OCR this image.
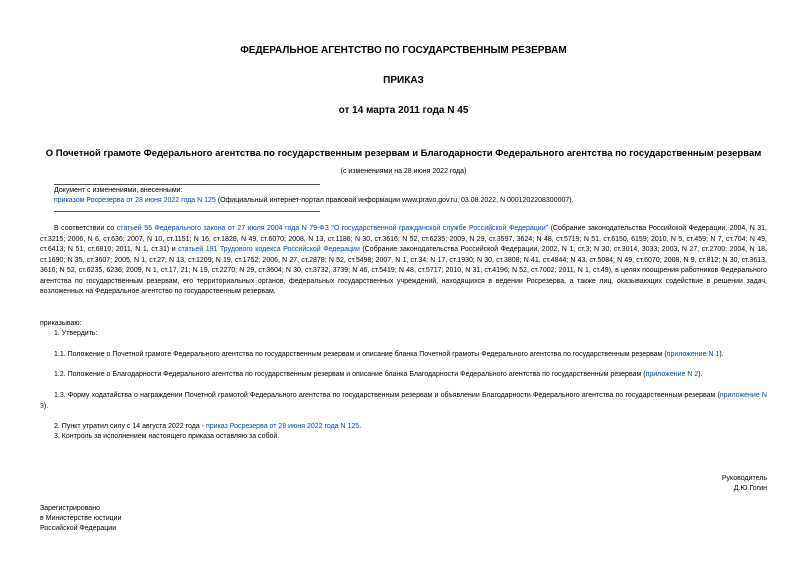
ФЕДЕРАЛЬНОЕ АГЕНТСТВО ПО ГОСУДАРСТВЕННЫМ РЕЗЕРВАМ
ПРИКАЗ
от 14 марта 2011 года N 45
О Почетной грамоте Федерального агентства по государственным резервам и Благодарности Федерального агентства по государственным резервам
(с изменениями на 28 июня 2022 года)
Документ с изменениями, внесенными:
приказом Росрезерва от 28 июня 2022 года N 125 (Официальный интернет-портал правовой информации www.pravo.gov.ru, 03.08.2022, N 0001202208300007).
В соответствии со статьей 55 Федерального закона от 27 июля 2004 года N 79-ФЗ "О государственной гражданской службе Российской Федерации" (Собрание законодательства Российской Федерации, 2004, N 31, ст.3215; 2006, N 6, ст.636; 2007, N 10, ст.1151; N 16, ст.1828, N 49, ст.6070; 2008, N 13, ст.1186; N 30, ст.3616; N 52, ст.6235; 2009, N 29, ст.3597, 3624; N 48, ст.5719; N 51, ст.6150, 6159; 2010, N 5, ст.459; N 7, ст.704; N 49, ст.6413; N 51, ст.6810; 2011, N 1, ст.31) и статьей 191 Трудового кодекса Российской Федерации (Собрание законодательства Российской Федерации, 2002, N 1, ст.3; N 30, ст.3014, 3033; 2003, N 27, ст.2700; 2004, N 18, ст.1690; N 35, ст.3607; 2005, N 1, ст.27; N 13, ст.1209; N 19, ст.1752; 2006, N 27, ст.2878; N 52, ст.5498; 2007, N 1, ст.34; N 17, ст.1930; N 30, ст.3808; N 41, ст.4844; N 43, ст.5084; N 49, ст.6070; 2008, N 9, ст.812; N 30, ст.3613, 3616; N 52, ст.6235, 6236; 2009, N 1, ст.17, 21; N 19, ст.2270; N 29, ст.3604; N 30, ст.3732, 3739; N 46, ст.5419; N 48, ст.5717; 2010, N 31, ст.4196; N 52, ст.7002; 2011, N 1, ст.49), в целях поощрения работников Федерального агентства по государственным резервам, его территориальных органов, федеральных государственных учреждений, находящихся в ведении Росрезерва, а также лиц, оказывающих содействие в решении задач, возложенных на Федеральное агентство по государственным резервам,
приказываю:
1. Утвердить:
1.1. Положение о Почетной грамоте Федерального агентства по государственным резервам и описание бланка Почетной грамоты Федерального агентства по государственным резервам (приложение N 1).
1.2. Положение о Благодарности Федерального агентства по государственным резервам и описание бланка Благодарности Федерального агентства по государственным резервам (приложение N 2).
1.3. Форму ходатайства о награждении Почетной грамотой Федерального агентства по государственным резервам и объявлении Благодарности Федерального агентства по государственным резервам (приложение N 3).
2. Пункт утратил силу с 14 августа 2022 года - приказ Росрезерва от 28 июня 2022 года N 125.
3. Контроль за исполнением настоящего приказа оставляю за собой.
Руководитель
Д.Ю.Гогин
Зарегистрировано
в Министерстве юстиции
Российской Федерации
